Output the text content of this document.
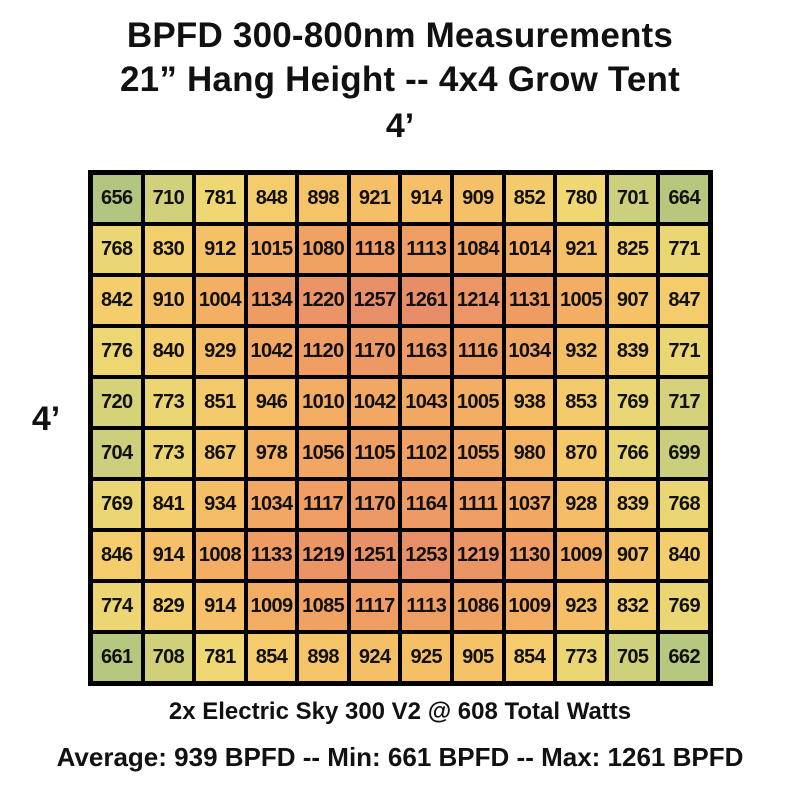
BPFD 300-800nm Measurements
21” Hang Height -- 4x4 Grow Tent
4’
4’
656	710	781	848	898	921	914	909	852	780	701	664
768	830	912 1015 1080 1118 1113 1084 1014 921	825	771
842	910 1004 1134 1220 1257 1261 1214 1131 1005 907	847
776	840	929 1042 1120 1170 1163 1116 1034 932	839	771
720	773	851	946 1010 1042 1043 1005 938	853	769	717
704	773	867	978 1056 1105 1102 1055 980	870	766	699
769	841	934 1034 1117 1170 1164 1111 1037 928	839	768
846	914 1008 1133 1219 1251 1253 1219 1130 1009 907	840
774	829	914 1009 1085 1117 1113 1086 1009 923	832	769
661	708	781	854	898	924	925	905	854	773	705	662
2x Electric Sky 300 V2 @ 608 Total Watts
Average: 939 BPFD -- Min: 661 BPFD -- Max: 1261 BPFD
